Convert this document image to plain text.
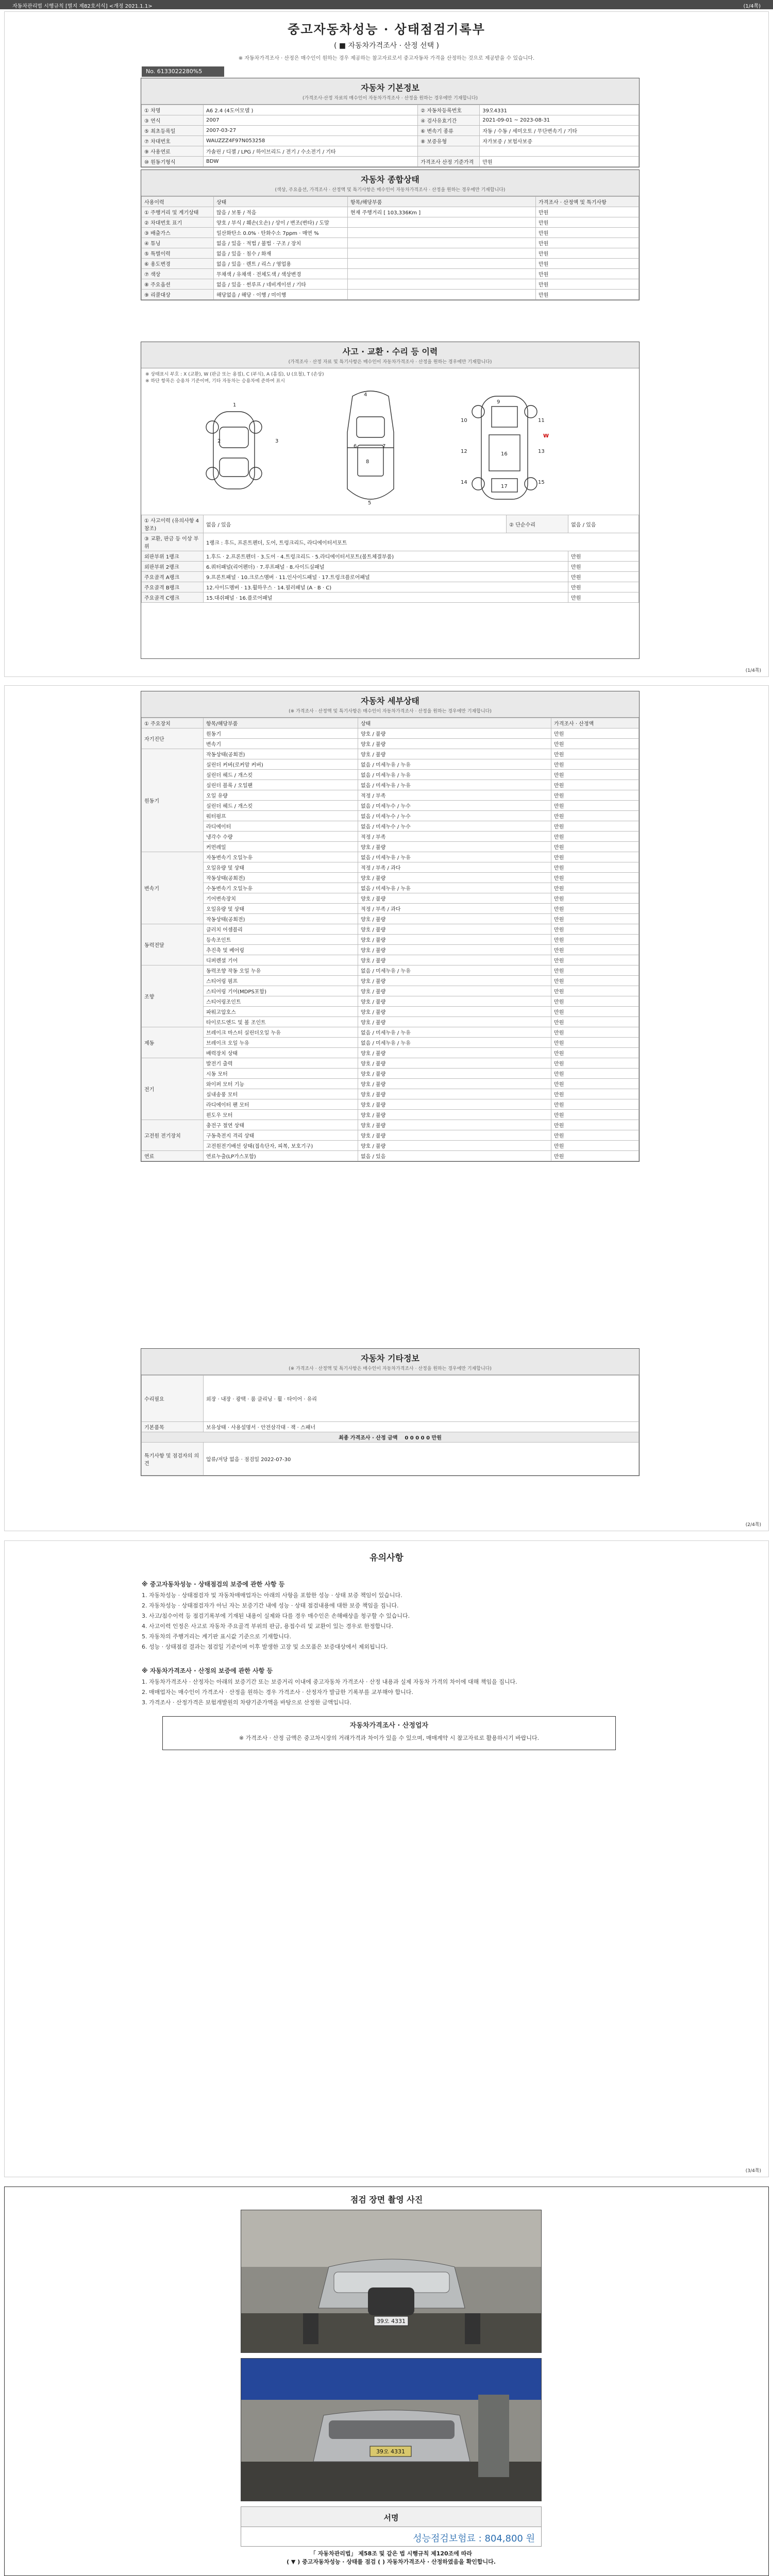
자동차관리법 시행규칙 [별지 제82호서식] <개정 2021.1.1>	(1/4쪽)
중고자동차성능 · 상태점검기록부
( ■ 자동차가격조사 · 산정 선택 )
※ 자동차가격조사 · 산정은 매수인이 원하는 경우 제공하는 참고자료로서 중고자동차 가격을 산정하는 것으로 제공받을 수 있습니다.
No. 6133022280%5
자동차 기본정보
(가격조사·산정 자료의 매수인이 자동차가격조사 · 산정을 원하는 경우에만 기재합니다)
① 차명	A6 2.4 (4도어모델 )	② 자동차등록번호	39오4331
③ 연식	2007	④ 검사유효기간	2021-09-01 ~ 2023-08-31
⑤ 최초등록일	2007-03-27	⑥ 변속기 종류	자동 / 수동 / 세미오토 / 무단변속기 / 기타
⑦ 차대번호	WAUZZZ4F97N053258	⑧ 보증유형	자가보증 / 보험사보증
⑨ 사용연료	가솔린 / 디젤 / LPG / 하이브리드 / 전기 / 수소전기 / 기타		
⑩ 원동기형식	BDW	가격조사 산정 기준가격	만원
자동차 종합상태
(색상, 주요옵션, 가격조사 · 산정액 및 특기사항은 매수인이 자동차가격조사 · 산정을 원하는 경우에만 기재합니다)
사용이력	상태	항목/해당부품	가격조사 · 산정액 및 특기사항
① 주행거리 및 계기상태	많음 / 보통 / 적음	현재 주행거리 [ 103,336Km ]	만원
② 차대번호 표기	양호 / 부식 / 훼손(오손) / 상이 / 변조(변타) / 도말		만원
③ 배출가스	일산화탄소 0.0% · 탄화수소 7ppm · 매연 %		만원
④ 튜닝	없음 / 있음 · 적법 / 불법 · 구조 / 장치		만원
⑤ 특별이력	없음 / 있음 · 침수 / 화재		만원
⑥ 용도변경	없음 / 있음 · 렌트 / 리스 / 영업용		만원
⑦ 색상	무채색 / 유채색 · 전체도색 / 색상변경		만원
⑧ 주요옵션	없음 / 있음 · 썬루프 / 네비게이션 / 기타		만원
⑨ 리콜대상	해당없음 / 해당 · 이행 / 미이행		만원
사고 · 교환 · 수리 등 이력
(가격조사 · 산정 자료 및 특기사항은 매수인이 자동차가격조사 · 산정을 원하는 경우에만 기재합니다)
※ 상태표시 부호 : X (교환), W (판금 또는 용접), C (부식), A (흠집), U (요철), T (손상)
※ 하단 항목은 승용차 기준이며, 기타 자동차는 승용차에 준하여 표시
1
2	3
4
5
6	7
8
9
10	11
12	13
14	15
16
17
W
① 사고이력 (유의사항 4 참조)	없음 / 있음	② 단순수리	없음 / 있음
③ 교환, 판금 등 이상 부위	1랭크 : 후드, 프론트펜더, 도어, 트렁크리드, 라디에이터서포트		
외판부위 1랭크	1.후드 · 2.프론트펜더 · 3.도어 · 4.트렁크리드 · 5.라디에이터서포트(볼트체결부품)		만원
외판부위 2랭크	6.쿼터패널(리어펜더) · 7.루프패널 · 8.사이드실패널		만원
주요골격 A랭크	9.프론트패널 · 10.크로스멤버 · 11.인사이드패널 · 17.트렁크플로어패널		만원
주요골격 B랭크	12.사이드멤버 · 13.휠하우스 · 14.필러패널 (A · B · C)		만원
주요골격 C랭크	15.대쉬패널 · 16.플로어패널		만원
(1/4쪽)
자동차 세부상태
(※ 가격조사 · 산정액 및 특기사항은 매수인이 자동차가격조사 · 산정을 원하는 경우에만 기재합니다)
① 주요장치	항목/해당부품	상태	가격조사 · 산정액
자기진단	원동기	양호 / 불량	만원
	변속기	양호 / 불량	만원
원동기	작동상태(공회전)	양호 / 불량	만원
	실린더 커버(로커암 커버)	없음 / 미세누유 / 누유	만원
	실린더 헤드 / 개스킷	없음 / 미세누유 / 누유	만원
	실린더 블록 / 오일팬	없음 / 미세누유 / 누유	만원
	오일 유량	적정 / 부족	만원
	실린더 헤드 / 개스킷	없음 / 미세누수 / 누수	만원
	워터펌프	없음 / 미세누수 / 누수	만원
	라디에이터	없음 / 미세누수 / 누수	만원
	냉각수 수량	적정 / 부족	만원
	커먼레일	양호 / 불량	만원
변속기	자동변속기 오일누유	없음 / 미세누유 / 누유	만원
	오일유량 및 상태	적정 / 부족 / 과다	만원
	작동상태(공회전)	양호 / 불량	만원
	수동변속기 오일누유	없음 / 미세누유 / 누유	만원
	기어변속장치	양호 / 불량	만원
	오일유량 및 상태	적정 / 부족 / 과다	만원
	작동상태(공회전)	양호 / 불량	만원
동력전달	클러치 어셈블리	양호 / 불량	만원
	등속조인트	양호 / 불량	만원
	추진축 및 베어링	양호 / 불량	만원
	디퍼렌셜 기어	양호 / 불량	만원
조향	동력조향 작동 오일 누유	없음 / 미세누유 / 누유	만원
	스티어링 펌프	양호 / 불량	만원
	스티어링 기어(MDPS포함)	양호 / 불량	만원
	스티어링조인트	양호 / 불량	만원
	파워고압호스	양호 / 불량	만원
	타이로드엔드 및 볼 조인트	양호 / 불량	만원
제동	브레이크 마스터 실린더오일 누유	없음 / 미세누유 / 누유	만원
	브레이크 오일 누유	없음 / 미세누유 / 누유	만원
	배력장치 상태	양호 / 불량	만원
전기	발전기 출력	양호 / 불량	만원
	시동 모터	양호 / 불량	만원
	와이퍼 모터 기능	양호 / 불량	만원
	실내송풍 모터	양호 / 불량	만원
	라디에이터 팬 모터	양호 / 불량	만원
	윈도우 모터	양호 / 불량	만원
고전원 전기장치	충전구 절연 상태	양호 / 불량	만원
	구동축전지 격리 상태	양호 / 불량	만원
	고전원전기배선 상태(접속단자, 피복, 보호기구)	양호 / 불량	만원
연료	연료누출(LP가스포함)	없음 / 있음	만원
자동차 기타정보
(※ 가격조사 · 산정액 및 특기사항은 매수인이 자동차가격조사 · 산정을 원하는 경우에만 기재합니다)
수리필요	외장 · 내장 · 광택 · 룸 클리닝 · 휠 · 타이어 · 유리
기본품목	보유상태 · 사용설명서 · 안전삼각대 · 잭 · 스패너
최종 가격조사 · 산정 금액 0 0 0 0 0 만원	
특기사항 및 점검자의 의견	압류/저당 없음 · 점검일 2022-07-30
(2/4쪽)
유의사항
※ 중고자동차성능 · 상태점검의 보증에 관한 사항 등

1. 자동차성능 · 상태점검자 및 자동차매매업자는 아래의 사항을 포함한 성능 · 상태 보증 책임이 있습니다.

2. 자동차성능 · 상태점검자가 아닌 자는 보증기간 내에 성능 · 상태 점검내용에 대한 보증 책임을 집니다.

3. 사고/침수이력 등 점검기록부에 기재된 내용이 실제와 다를 경우 매수인은 손해배상을 청구할 수 있습니다.

4. 사고이력 인정은 사고로 자동차 주요골격 부위의 판금, 용접수리 및 교환이 있는 경우로 한정합니다.

5. 자동차의 주행거리는 계기판 표시값 기준으로 기재합니다.

6. 성능 · 상태점검 결과는 점검일 기준이며 이후 발생한 고장 및 소모품은 보증대상에서 제외됩니다.

※ 자동차가격조사 · 산정의 보증에 관한 사항 등

1. 자동차가격조사 · 산정자는 아래의 보증기간 또는 보증거리 이내에 중고자동차 가격조사 · 산정 내용과 실제 자동차 가격의 차이에 대해 책임을 집니다.

2. 매매업자는 매수인이 가격조사 · 산정을 원하는 경우 가격조사 · 산정자가 발급한 기록부를 교부해야 합니다.

3. 가격조사 · 산정가격은 보험개발원의 차량기준가액을 바탕으로 산정한 금액입니다.

자동차가격조사 · 산정업자

※ 가격조사 · 산정 금액은 중고차시장의 거래가격과 차이가 있을 수 있으며, 매매계약 시 참고자료로 활용하시기 바랍니다.

(3/4쪽)
점검 장면 촬영 사진
39오 4331
39오 4331
서명
성능점검보험료 : 804,800 원
「 자동차관리법」 제58조 및 같은 법 시행규칙 제120조에 따라
( ▼ ) 중고자동차성능 · 상태를 점검 ( ) 자동차가격조사 · 산정하였음을 확인합니다.
